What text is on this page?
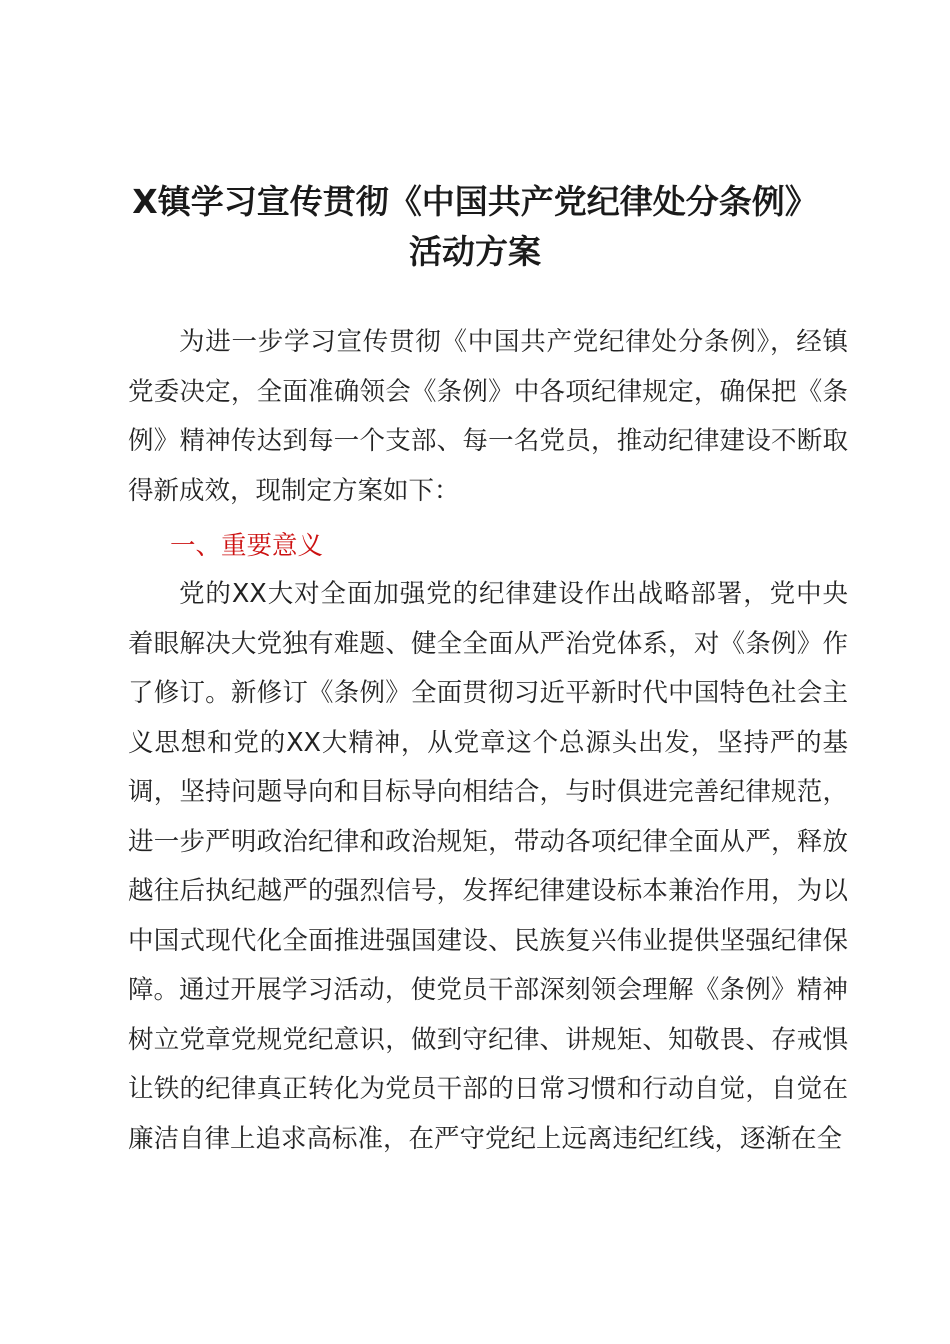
X镇学习宣传贯彻《中国共产党纪律处分条例》
活动方案

为进一步学习宣传贯彻《中国共产党纪律处分条例》，经镇党委决定，全面准确领会《条例》中各项纪律规定，确保把《条例》精神传达到每一个支部、每一名党员，推动纪律建设不断取得新成效，现制定方案如下：

一、重要意义

党的XX大对全面加强党的纪律建设作出战略部署，党中央着眼解决大党独有难题、健全全面从严治党体系，对《条例》作了修订。新修订《条例》全面贯彻习近平新时代中国特色社会主义思想和党的XX大精神，从党章这个总源头出发，坚持严的基调，坚持问题导向和目标导向相结合，与时俱进完善纪律规范，进一步严明政治纪律和政治规矩，带动各项纪律全面从严，释放越往后执纪越严的强烈信号，发挥纪律建设标本兼治作用，为以中国式现代化全面推进强国建设、民族复兴伟业提供坚强纪律保障。 通过开展学习活动，使党员干部深刻领会理解《条例》精神树立党章党规党纪意识，做到守纪律、讲规矩、知敬畏、存戒惧让铁的纪律真正转化为党员干部的日常习惯和行动自觉，自觉在廉洁自律上追求高标准，在严守党纪上远离违纪红线，逐渐在全
